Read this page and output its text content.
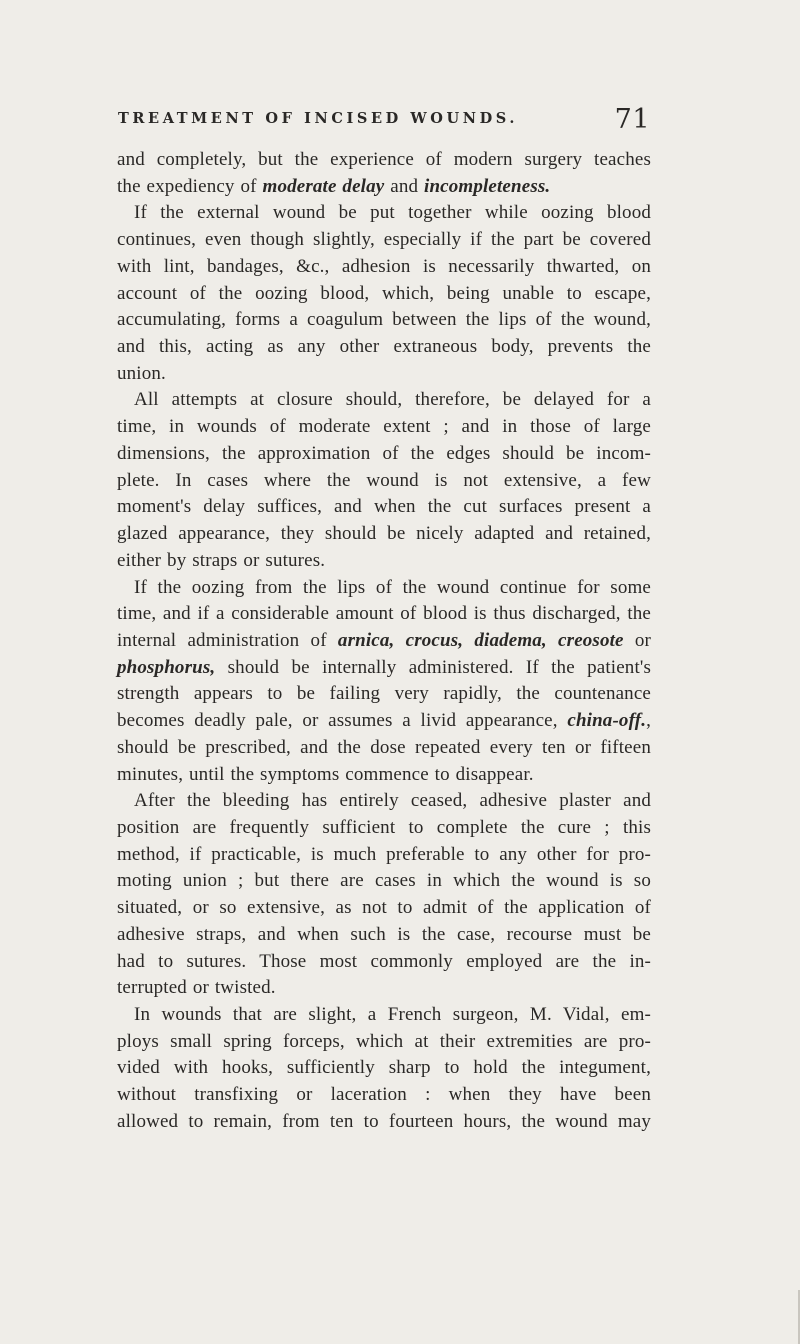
TREATMENT OF INCISED WOUNDS.	71
and completely, but the experience of modern surgery teaches
the expediency of moderate delay and incompleteness.
If the external wound be put together while oozing blood
continues, even though slightly, especially if the part be covered
with lint, bandages, &c., adhesion is necessarily thwarted, on
account of the oozing blood, which, being unable to escape,
accumulating, forms a coagulum between the lips of the wound,
and this, acting as any other extraneous body, prevents the
union.
All attempts at closure should, therefore, be delayed for a
time, in wounds of moderate extent ; and in those of large
dimensions, the approximation of the edges should be incom-
plete. In cases where the wound is not extensive, a few
moment's delay suffices, and when the cut surfaces present a
glazed appearance, they should be nicely adapted and retained,
either by straps or sutures.
If the oozing from the lips of the wound continue for some
time, and if a considerable amount of blood is thus discharged, the
internal administration of arnica, crocus, diadema, creosote or
phosphorus, should be internally administered. If the patient's
strength appears to be failing very rapidly, the countenance
becomes deadly pale, or assumes a livid appearance, china-off.,
should be prescribed, and the dose repeated every ten or fifteen
minutes, until the symptoms commence to disappear.
After the bleeding has entirely ceased, adhesive plaster and
position are frequently sufficient to complete the cure ; this
method, if practicable, is much preferable to any other for pro-
moting union ; but there are cases in which the wound is so
situated, or so extensive, as not to admit of the application of
adhesive straps, and when such is the case, recourse must be
had to sutures. Those most commonly employed are the in-
terrupted or twisted.
In wounds that are slight, a French surgeon, M. Vidal, em-
ploys small spring forceps, which at their extremities are pro-
vided with hooks, sufficiently sharp to hold the integument,
without transfixing or laceration : when they have been
allowed to remain, from ten to fourteen hours, the wound may
